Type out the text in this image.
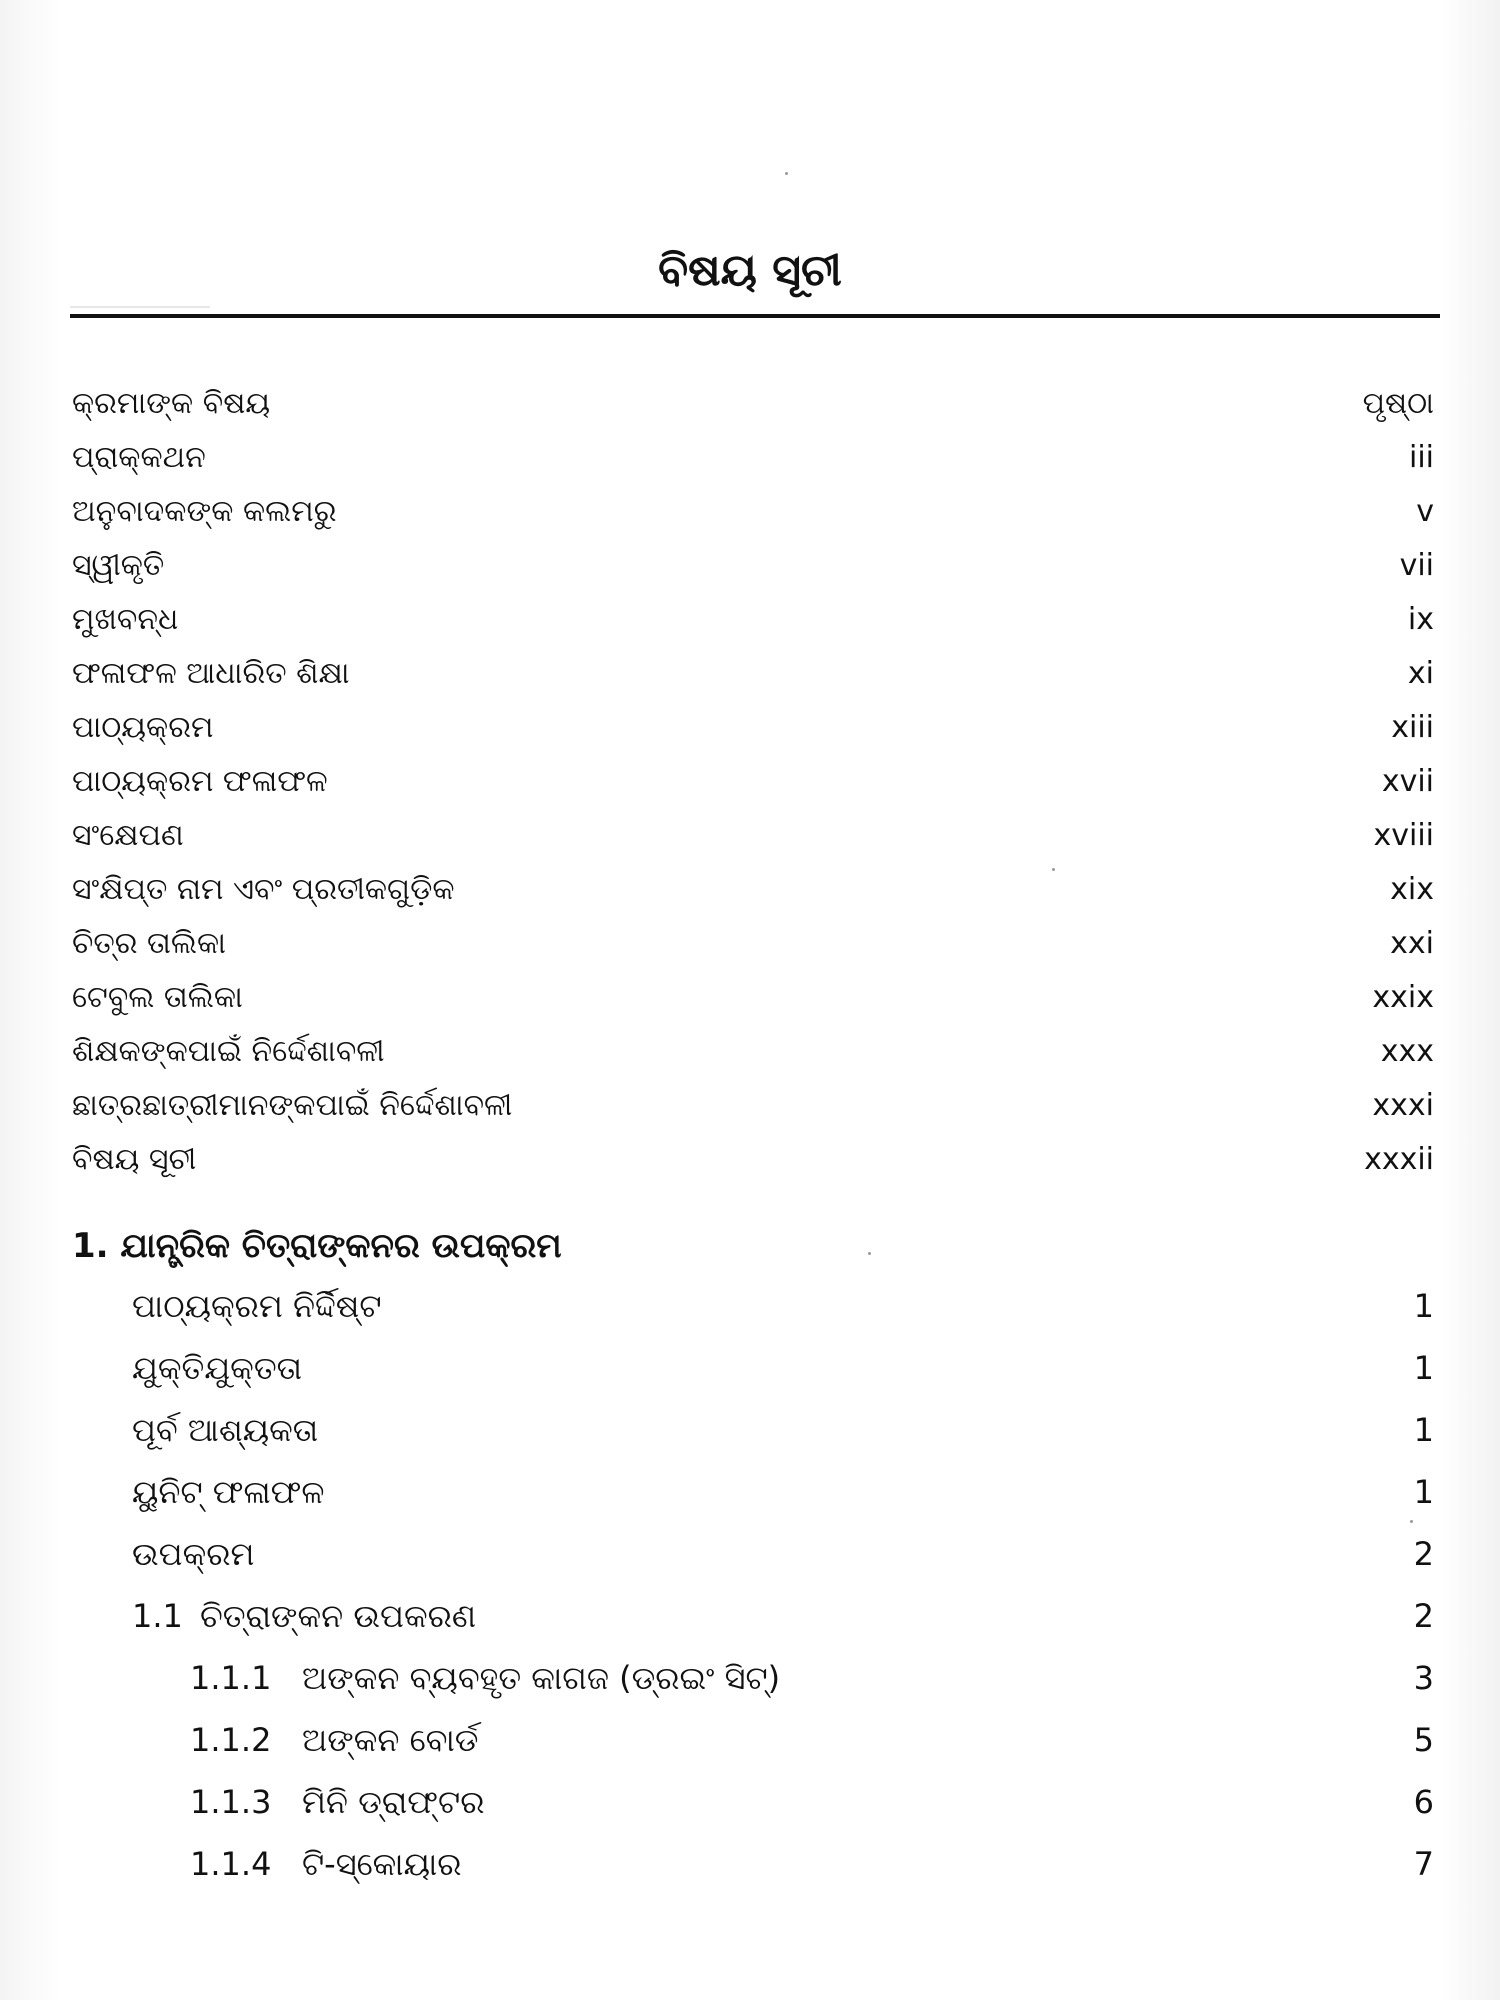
ବିଷୟ ସୂଚୀ
କ୍ରମାଙ୍କ ବିଷୟ	ପୃଷ୍ଠା
ପ୍ରାକ୍କଥନ	iii
ଅନୁବାଦକଙ୍କ କଲମରୁ	v
ସ୍ୱୀକୃତି	vii
ମୁଖବନ୍ଧ	ix
ଫଳାଫଳ ଆଧାରିତ ଶିକ୍ଷା	xi
ପାଠ୍ୟକ୍ରମ	xiii
ପାଠ୍ୟକ୍ରମ ଫଳାଫଳ	xvii
ସଂକ୍ଷେପଣ	xviii
ସଂକ୍ଷିପ୍ତ ନାମ ଏବଂ ପ୍ରତୀକଗୁଡ଼ିକ	xix
ଚିତ୍ର ତାଲିକା	xxi
ଟେବୁଲ ତାଲିକା	xxix
ଶିକ୍ଷକଙ୍କପାଇଁ ନିର୍ଦ୍ଦେଶାବଳୀ	xxx
ଛାତ୍ରଛାତ୍ରୀମାନଙ୍କପାଇଁ ନିର୍ଦ୍ଦେଶାବଳୀ	xxxi
ବିଷୟ ସୂଚୀ	xxxii
1. ଯାନ୍ତ୍ରିକ ଚିତ୍ରାଙ୍କନର ଉପକ୍ରମ
ପାଠ୍ୟକ୍ରମ ନିର୍ଦ୍ଦିଷ୍ଟ	1
ଯୁକ୍ତିଯୁକ୍ତତା	1
ପୂର୍ବ ଆଶ୍ୟକତା	1
ୟୁନିଟ୍ ଫଳାଫଳ	1
ଉପକ୍ରମ	2
1.1 ଚିତ୍ରାଙ୍କନ ଉପକରଣ	2
1.1.1 ଅଙ୍କନ ବ୍ୟବହୃତ କାଗଜ (ଡ୍ରଇଂ ସିଟ୍)	3
1.1.2 ଅଙ୍କନ ବୋର୍ଡ	5
1.1.3 ମିନି ଡ୍ରାଫ୍ଟର	6
1.1.4 ଟି-ସ୍କୋୟାର	7
